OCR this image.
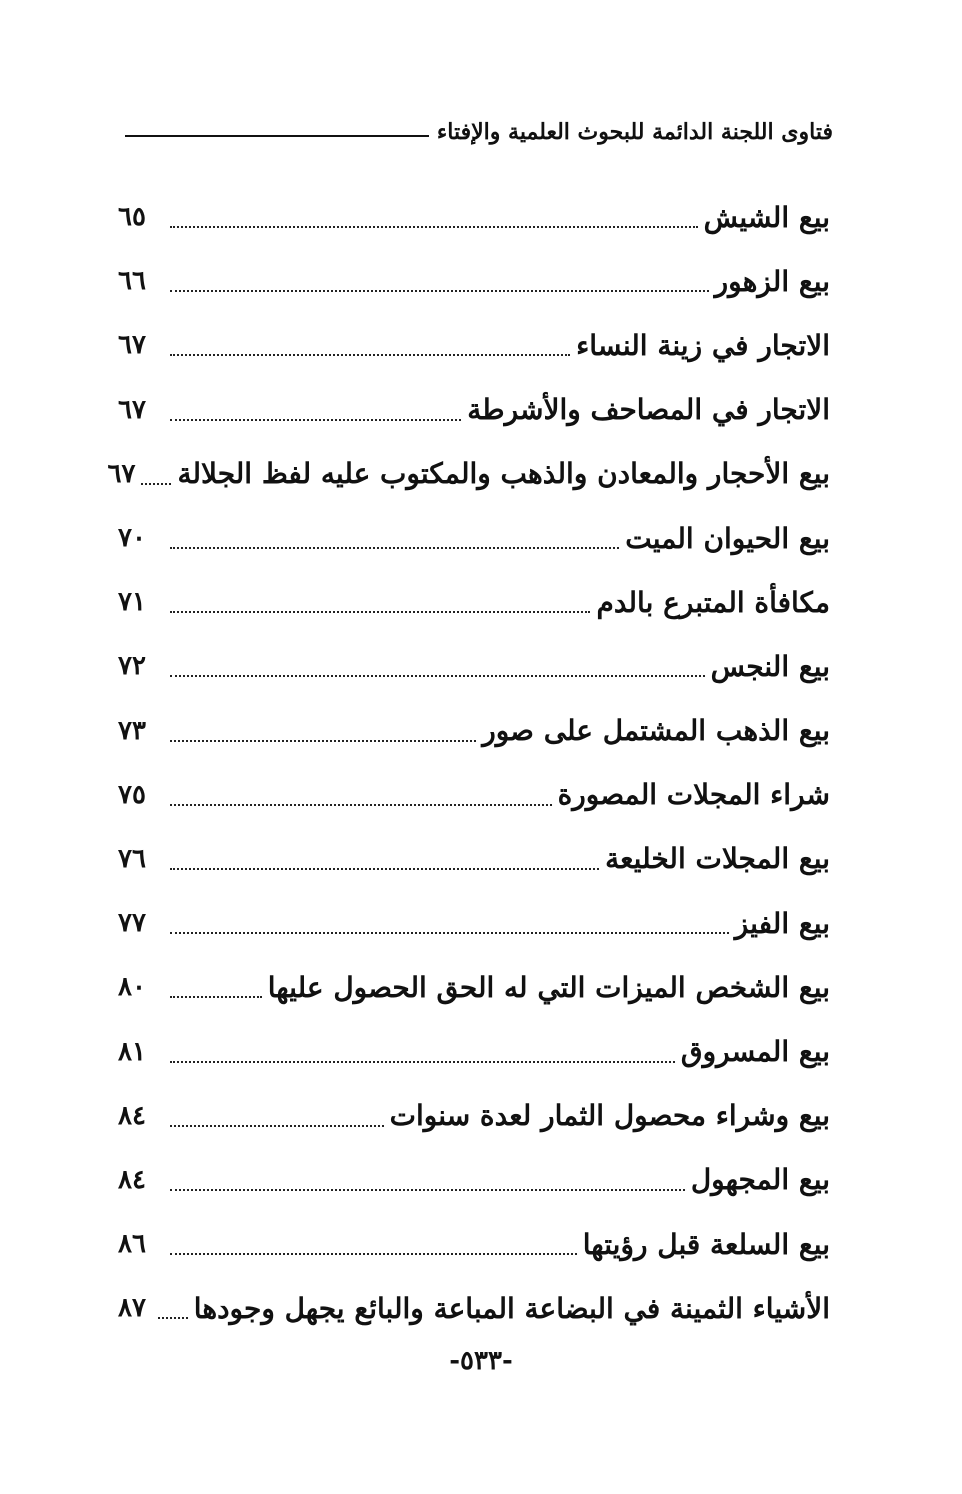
فتاوى اللجنة الدائمة للبحوث العلمية والإفتاء
بيع الشيش
٦٥
بيع الزهور
٦٦
الاتجار في زينة النساء
٦٧
الاتجار في المصاحف والأشرطة
٦٧
بيع الأحجار والمعادن والذهب والمكتوب عليه لفظ الجلالة
٦٧
بيع الحيوان الميت
٧٠
مكافأة المتبرع بالدم
٧١
بيع النجس
٧٢
بيع الذهب المشتمل على صور
٧٣
شراء المجلات المصورة
٧٥
بيع المجلات الخليعة
٧٦
بيع الفيز
٧٧
بيع الشخص الميزات التي له الحق الحصول عليها
٨٠
بيع المسروق
٨١
بيع وشراء محصول الثمار لعدة سنوات
٨٤
بيع المجهول
٨٤
بيع السلعة قبل رؤيتها
٨٦
الأشياء الثمينة في البضاعة المباعة والبائع يجهل وجودها
٨٧
-٥٣٣-
